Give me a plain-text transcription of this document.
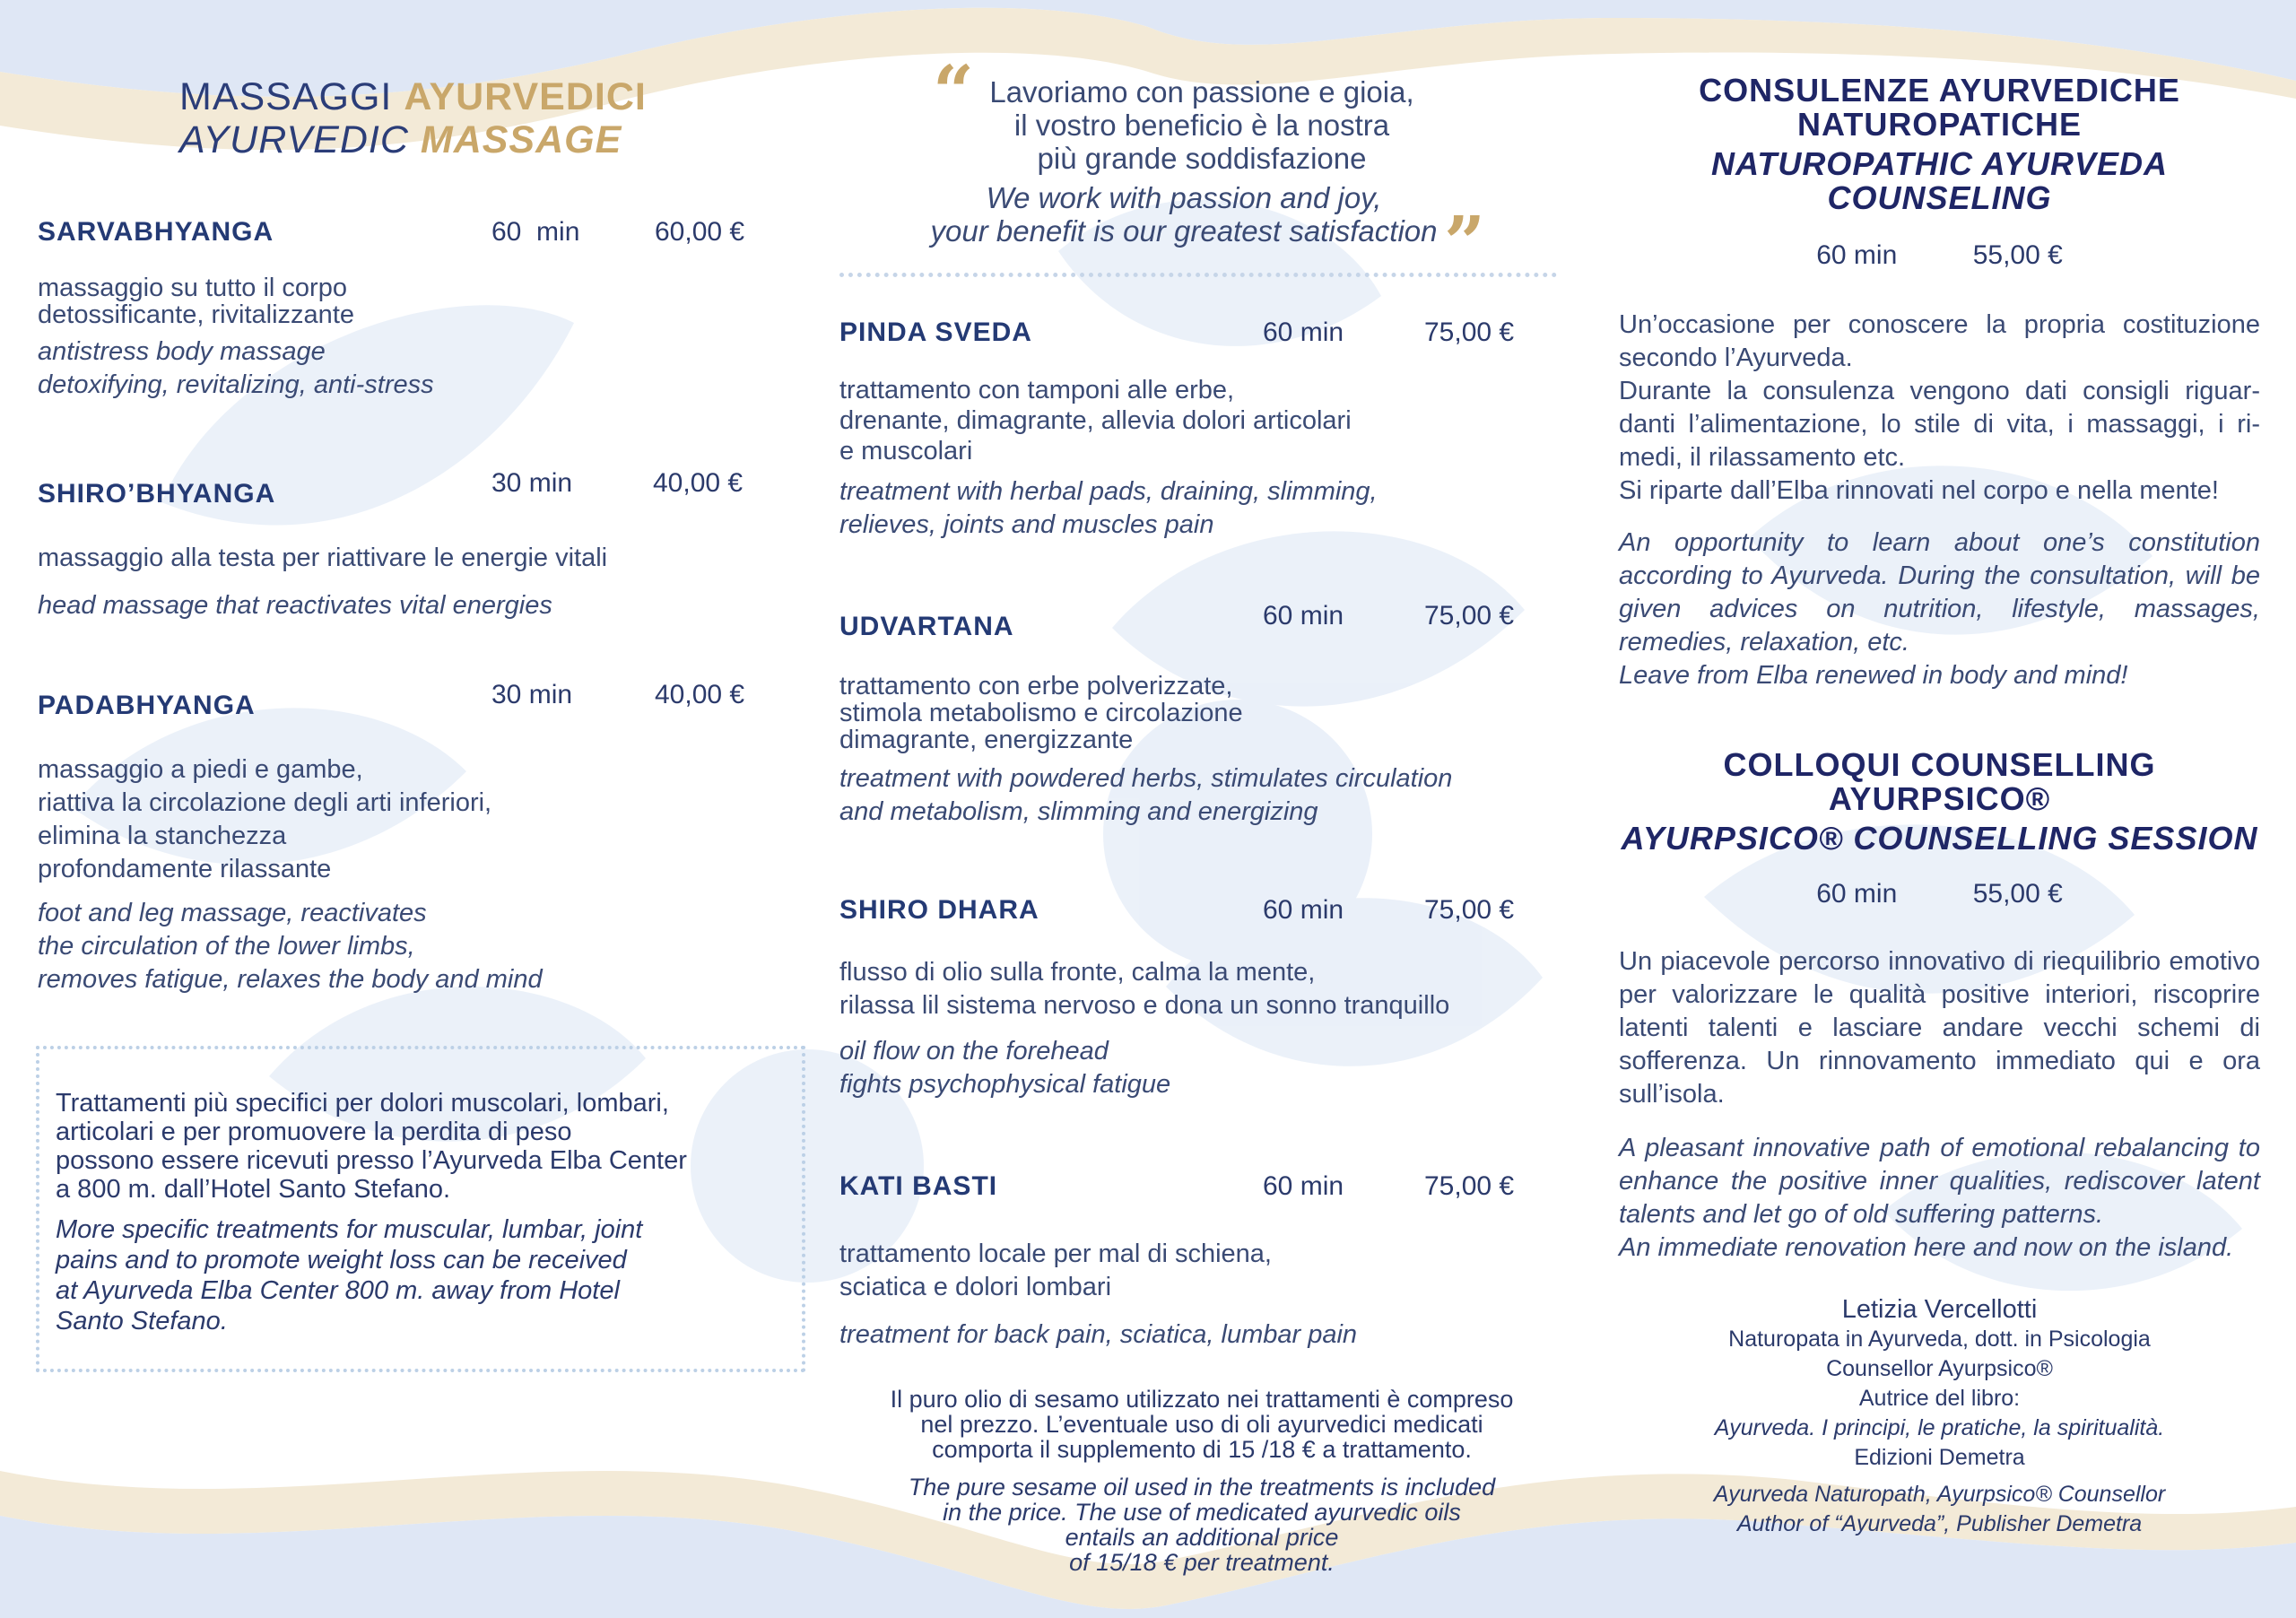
MASSAGGI AYURVEDICI
AYURVEDIC MASSAGE
SARVABHYANGA	60  min	60,00 €
massaggio su tutto il corpo
detossificante, rivitalizzante
antistress body massage
detoxifying, revitalizing, anti-stress
SHIRO’BHYANGA	30 min	40,00 €
massaggio alla testa per riattivare le energie vitali
head massage that reactivates vital energies
PADABHYANGA	30 min	40,00 €
massaggio a piedi e gambe,
riattiva la circolazione degli arti inferiori,
elimina la stanchezza
profondamente rilassante
foot and leg massage, reactivates
the circulation of the lower limbs,
removes fatigue, relaxes the body and mind
Trattamenti più specifici per dolori muscolari, lombari,
articolari e per promuovere la perdita di peso
possono essere ricevuti presso l’Ayurveda Elba Center
a 800 m. dall’Hotel Santo Stefano.
More specific treatments for muscular, lumbar, joint
pains and to promote weight loss can be received
at Ayurveda Elba Center 800 m. away from Hotel
Santo Stefano.
“ Lavoriamo con passione e gioia,
il vostro beneficio è la nostra
più grande soddisfazione
We work with passion and joy,
your benefit is our greatest satisfaction ”
PINDA SVEDA	60 min	75,00 €
trattamento con tamponi alle erbe,
drenante, dimagrante, allevia dolori articolari
e muscolari
treatment with herbal pads, draining, slimming,
relieves, joints and muscles pain
UDVARTANA	60 min	75,00 €
trattamento con erbe polverizzate,
stimola metabolismo e circolazione
dimagrante, energizzante
treatment with powdered herbs, stimulates circulation
and metabolism, slimming and energizing
SHIRO DHARA	60 min	75,00 €
flusso di olio sulla fronte, calma la mente,
rilassa lil sistema nervoso e dona un sonno tranquillo
oil flow on the forehead
fights psychophysical fatigue
KATI BASTI	60 min	75,00 €
trattamento locale per mal di schiena,
sciatica e dolori lombari
treatment for back pain, sciatica, lumbar pain
Il puro olio di sesamo utilizzato nei trattamenti è compreso
nel prezzo. L’eventuale uso di oli ayurvedici medicati
comporta il supplemento di 15 /18 € a trattamento.
The pure sesame oil used in the treatments is included
in the price. The use of medicated ayurvedic oils
entails an additional price
of 15/18 € per treatment.
CONSULENZE AYURVEDICHE
NATUROPATICHE
NATUROPATHIC AYURVEDA
COUNSELING
60 min	55,00 €
Un’occasione per conoscere la propria costituzione secondo l’Ayurveda.
Durante la consulenza vengono dati consigli riguar-danti l’alimentazione, lo stile di vita, i massaggi, i ri-medi, il rilassamento etc.
Si riparte dall’Elba rinnovati nel corpo e nella mente!
An opportunity to learn about one’s constitution according to Ayurveda. During the consultation, will be given advices on nutrition, lifestyle, massages, remedies, relaxation, etc.
Leave from Elba renewed in body and mind!
COLLOQUI COUNSELLING
AYURPSICO®
AYURPSICO® COUNSELLING SESSION
60 min	55,00 €
Un piacevole percorso innovativo di riequilibrio emotivo per valorizzare le qualità positive interiori, riscoprire latenti talenti e lasciare andare vecchi schemi di sofferenza. Un rinnovamento immediato qui e ora sull’isola.
A pleasant innovative path of emotional rebalancing to enhance the positive inner qualities, rediscover latent talents and let go of old suffering patterns.
An immediate renovation here and now on the island.
Letizia Vercellotti
Naturopata in Ayurveda, dott. in Psicologia
Counsellor Ayurpsico®
Autrice del libro:
Ayurveda. I principi, le pratiche, la spiritualità.
Edizioni Demetra
Ayurveda Naturopath, Ayurpsico® Counsellor
Author of “Ayurveda”, Publisher Demetra
